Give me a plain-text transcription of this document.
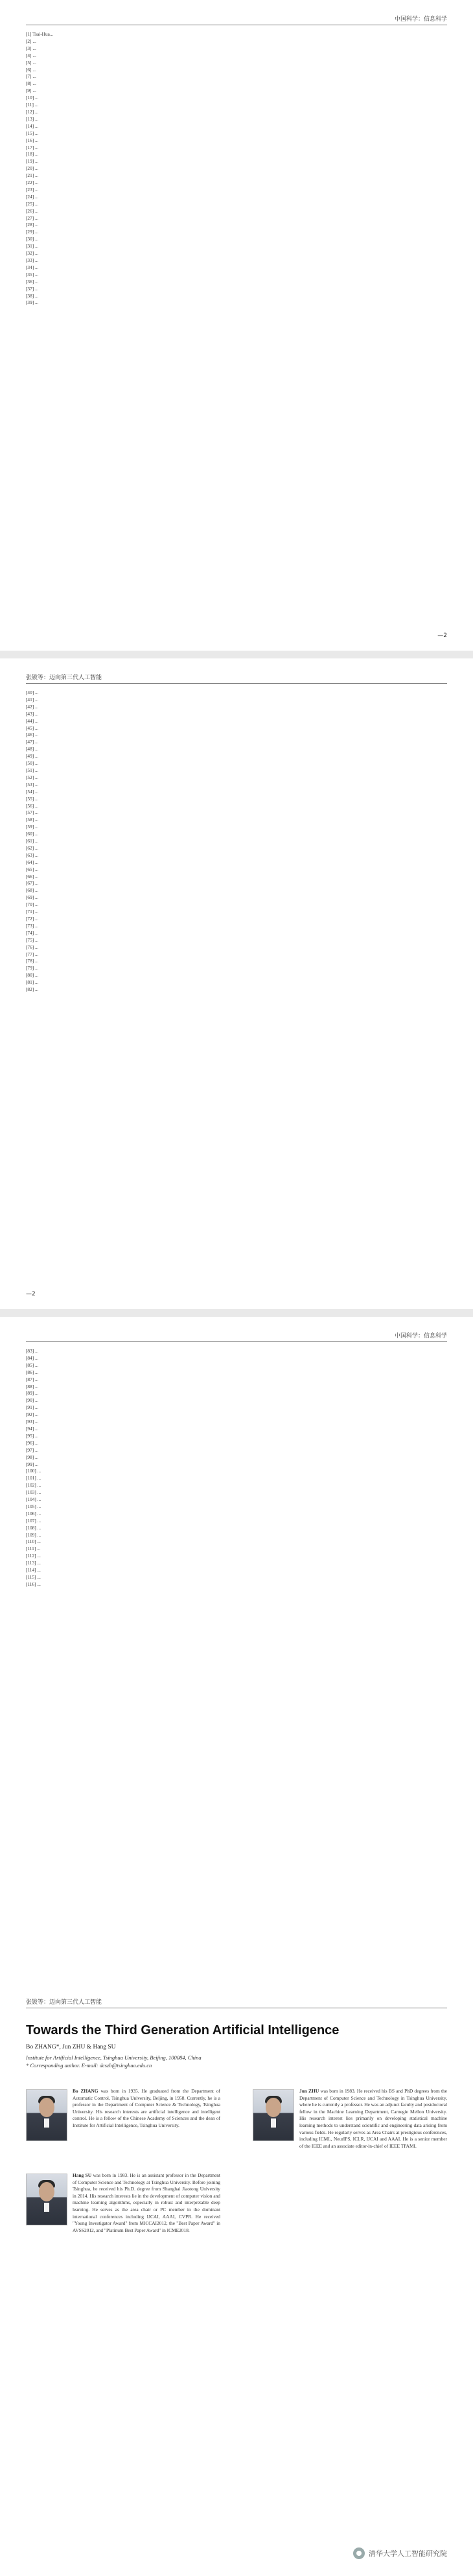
中国科学：信息科学
[1] Tsai-Hua...
[2] ...
[3] ...
[4] ...
[5] ...
[6] ...
[7] ...
[8] ...
[9] ...
[10] ...
[11] ...
[12] ...
[13] ...
[14] ...
[15] ...
[16] ...
[17] ...
[18] ...
[19] ...
[20] ...
[21] ...
[22] ...
[23] ...
[24] ...
[25] ...
[26] ...
[27] ...
[28] ...
[29] ...
[30] ...
[31] ...
[32] ...
[33] ...
[34] ...
[35] ...
[36] ...
[37] ...
[38] ...
[39] ...
—2
张钹等：迈向第三代人工智能
[40] ...
[41] ...
[42] ...
[43] ...
[44] ...
[45] ...
[46] ...
[47] ...
[48] ...
[49] ...
[50] ...
[51] ...
[52] ...
[53] ...
[54] ...
[55] ...
[56] ...
[57] ...
[58] ...
[59] ...
[60] ...
[61] ...
[62] ...
[63] ...
[64] ...
[65] ...
[66] ...
[67] ...
[68] ...
[69] ...
[70] ...
[71] ...
[72] ...
[73] ...
[74] ...
[75] ...
[76] ...
[77] ...
[78] ...
[79] ...
[80] ...
[81] ...
[82] ...
—2
中国科学：信息科学
[83] ...
[84] ...
[85] ...
[86] ...
[87] ...
[88] ...
[89] ...
[90] ...
[91] ...
[92] ...
[93] ...
[94] ...
[95] ...
[96] ...
[97] ...
[98] ...
[99] ...
[100] ...
[101] ...
[102] ...
[103] ...
[104] ...
[105] ...
[106] ...
[107] ...
[108] ...
[109] ...
[110] ...
[111] ...
[112] ...
[113] ...
[114] ...
[115] ...
[116] ...
张钹等：迈向第三代人工智能
Towards the Third Generation Artificial Intelligence
Bo ZHANG*, Jun ZHU & Hang SU
Institute for Artificial Intelligence, Tsinghua University, Beijing, 100084, China
* Corresponding author. E-mail: dcszb@tsinghua.edu.cn
Bo ZHANG was born in 1935. He graduated from the Department of Automatic Control, Tsinghua University, Beijing, in 1958. Currently, he is a professor in the Department of Computer Science & Technology, Tsinghua University. His research interests are artificial intelligence and intelligent control. He is a fellow of the Chinese Academy of Sciences and the dean of Institute for Artificial Intelligence, Tsinghua University.
Jun ZHU was born in 1983. He received his BS and PhD degrees from the Department of Computer Science and Technology in Tsinghua University, where he is currently a professor. He was an adjunct faculty and postdoctoral fellow in the Machine Learning Department, Carnegie Mellon University. His research interest lies primarily on developing statistical machine learning methods to understand scientific and engineering data arising from various fields. He regularly serves as Area Chairs at prestigious conferences, including ICML, NeurIPS, ICLR, IJCAI and AAAI. He is a senior member of the IEEE and an associate editor-in-chief of IEEE TPAMI.
Hang SU was born in 1983. He is an assistant professor in the Department of Computer Science and Technology at Tsinghua University. Before joining Tsinghua, he received his Ph.D. degree from Shanghai Jiaotong University in 2014. His research interests lie in the development of computer vision and machine learning algorithms, especially in robust and interpretable deep learning. He serves as the area chair or PC member in the dominant international conferences including IJCAI, AAAI, CVPR. He received "Young Investigator Award" from MICCAI2012, the "Best Paper Award" in AVSS2012, and "Platinum Best Paper Award" in ICME2018.
清华大学人工智能研究院
